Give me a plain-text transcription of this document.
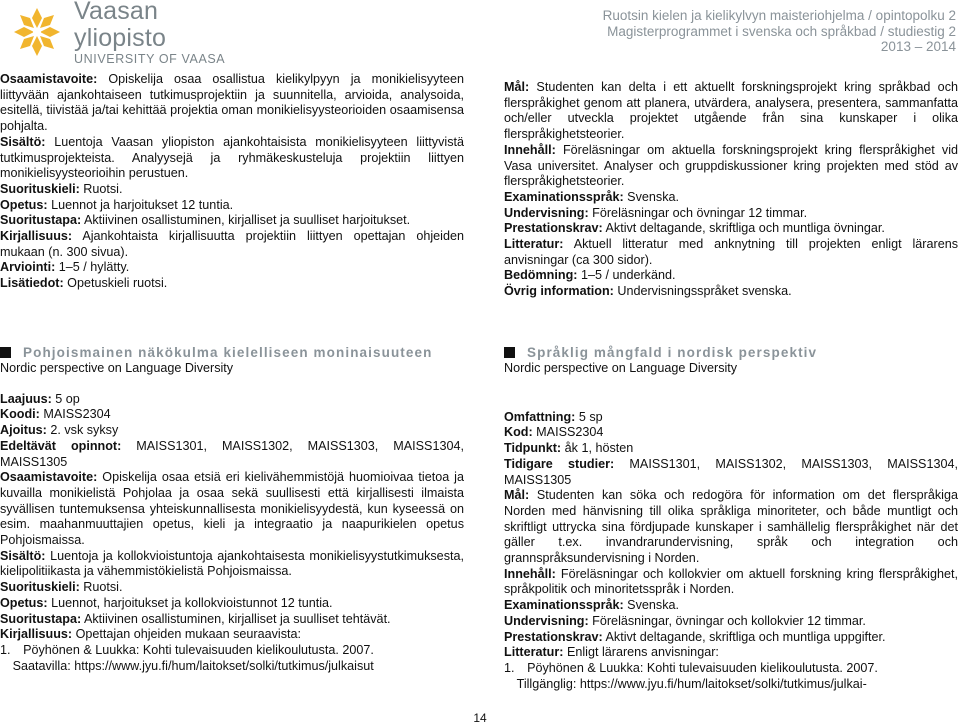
Vaasan yliopisto
UNIVERSITY OF VAASA
Ruotsin kielen ja kielikylvyn maisteriohjelma / opintopolku 2
Magisterprogrammet i svenska och språkbad / studiestig 2
2013 – 2014

Osaamistavoite: Opiskelija osaa osallistua kielikylpyyn ja monikielisyyteen liittyvään ajankohtaiseen tutkimusprojektiin ja suunnitella, arvioida, analysoida, esitellä, tiivistää ja/tai kehittää projektia oman monikielisyysteorioiden osaamisensa pohjalta.

Sisältö: Luentoja Vaasan yliopiston ajankohtaisista monikielisyyteen liittyvistä tutkimusprojekteista. Analyysejä ja ryhmäkeskusteluja projektiin liittyen monikielisyysteorioihin perustuen.

Suorituskieli: Ruotsi.

Opetus: Luennot ja harjoitukset 12 tuntia.

Suoritustapa: Aktiivinen osallistuminen, kirjalliset ja suulliset harjoitukset.

Kirjallisuus: Ajankohtaista kirjallisuutta projektiin liittyen opettajan ohjeiden mukaan (n. 300 sivua).

Arviointi: 1–5 / hylätty.

Lisätiedot: Opetuskieli ruotsi.

Mål: Studenten kan delta i ett aktuellt forskningsprojekt kring språkbad och flerspråkighet genom att planera, utvärdera, analysera, presentera, sammanfatta och/eller utveckla projektet utgående från sina kunskaper i olika flerspråkighetsteorier.

Innehåll: Föreläsningar om aktuella forskningsprojekt kring flerspråkighet vid Vasa universitet. Analyser och gruppdiskussioner kring projekten med stöd av flerspråkighetsteorier.

Examinationsspråk: Svenska.

Undervisning: Föreläsningar och övningar 12 timmar.

Prestationskrav: Aktivt deltagande, skriftliga och muntliga övningar.

Litteratur: Aktuell litteratur med anknytning till projekten enligt lärarens anvisningar (ca 300 sidor).

Bedömning: 1–5 / underkänd.

Övrig information: Undervisningsspråket svenska.

Pohjoismainen näkökulma kielelliseen moninaisuuteen

Nordic perspective on Language Diversity

Laajuus: 5 op

Koodi: MAISS2304

Ajoitus: 2. vsk syksy

Edeltävät opinnot: MAISS1301, MAISS1302, MAISS1303, MAISS1304, MAISS1305

Osaamistavoite: Opiskelija osaa etsiä eri kielivähemmistöjä huomioivaa tietoa ja kuvailla monikielistä Pohjolaa ja osaa sekä suullisesti että kirjallisesti ilmaista syvällisen tuntemuksensa yhteiskunnallisesta monikielisyydestä, kun kyseessä on esim. maahanmuuttajien opetus, kieli ja integraatio ja naapurikielen opetus Pohjoismaissa.

Sisältö: Luentoja ja kollokvioistuntoja ajankohtaisesta monikielisyystutkimuksesta, kielipolitiikasta ja vähemmistökielistä Pohjoismaissa.

Suorituskieli: Ruotsi.

Opetus: Luennot, harjoitukset ja kollokvioistunnot 12 tuntia.

Suoritustapa: Aktiivinen osallistuminen, kirjalliset ja suulliset tehtävät.

Kirjallisuus: Opettajan ohjeiden mukaan seuraavista:

1. Pöyhönen & Luukka: Kohti tulevaisuuden kielikoulutusta. 2007.

 Saatavilla: https://www.jyu.fi/hum/laitokset/solki/tutkimus/julkaisut

Språklig mångfald i nordisk perspektiv

Nordic perspective on Language Diversity

Omfattning: 5 sp

Kod: MAISS2304

Tidpunkt: åk 1, hösten

Tidigare studier: MAISS1301, MAISS1302, MAISS1303, MAISS1304, MAISS1305

Mål: Studenten kan söka och redogöra för information om det flerspråkiga Norden med hänvisning till olika språkliga minoriteter, och både muntligt och skriftligt uttrycka sina fördjupade kunskaper i samhällelig flerspråkighet när det gäller t.ex. invandrarundervisning, språk och integration och grannspråksundervisning i Norden.

Innehåll: Föreläsningar och kollokvier om aktuell forskning kring flerspråkighet, språkpolitik och minoritetsspråk i Norden.

Examinationsspråk: Svenska.

Undervisning: Föreläsningar, övningar och kollokvier 12 timmar.

Prestationskrav: Aktivt deltagande, skriftliga och muntliga uppgifter.

Litteratur: Enligt lärarens anvisningar:

1. Pöyhönen & Luukka: Kohti tulevaisuuden kielikoulutusta. 2007.

 Tillgänglig: https://www.jyu.fi/hum/laitokset/solki/tutkimus/julkai-

14
